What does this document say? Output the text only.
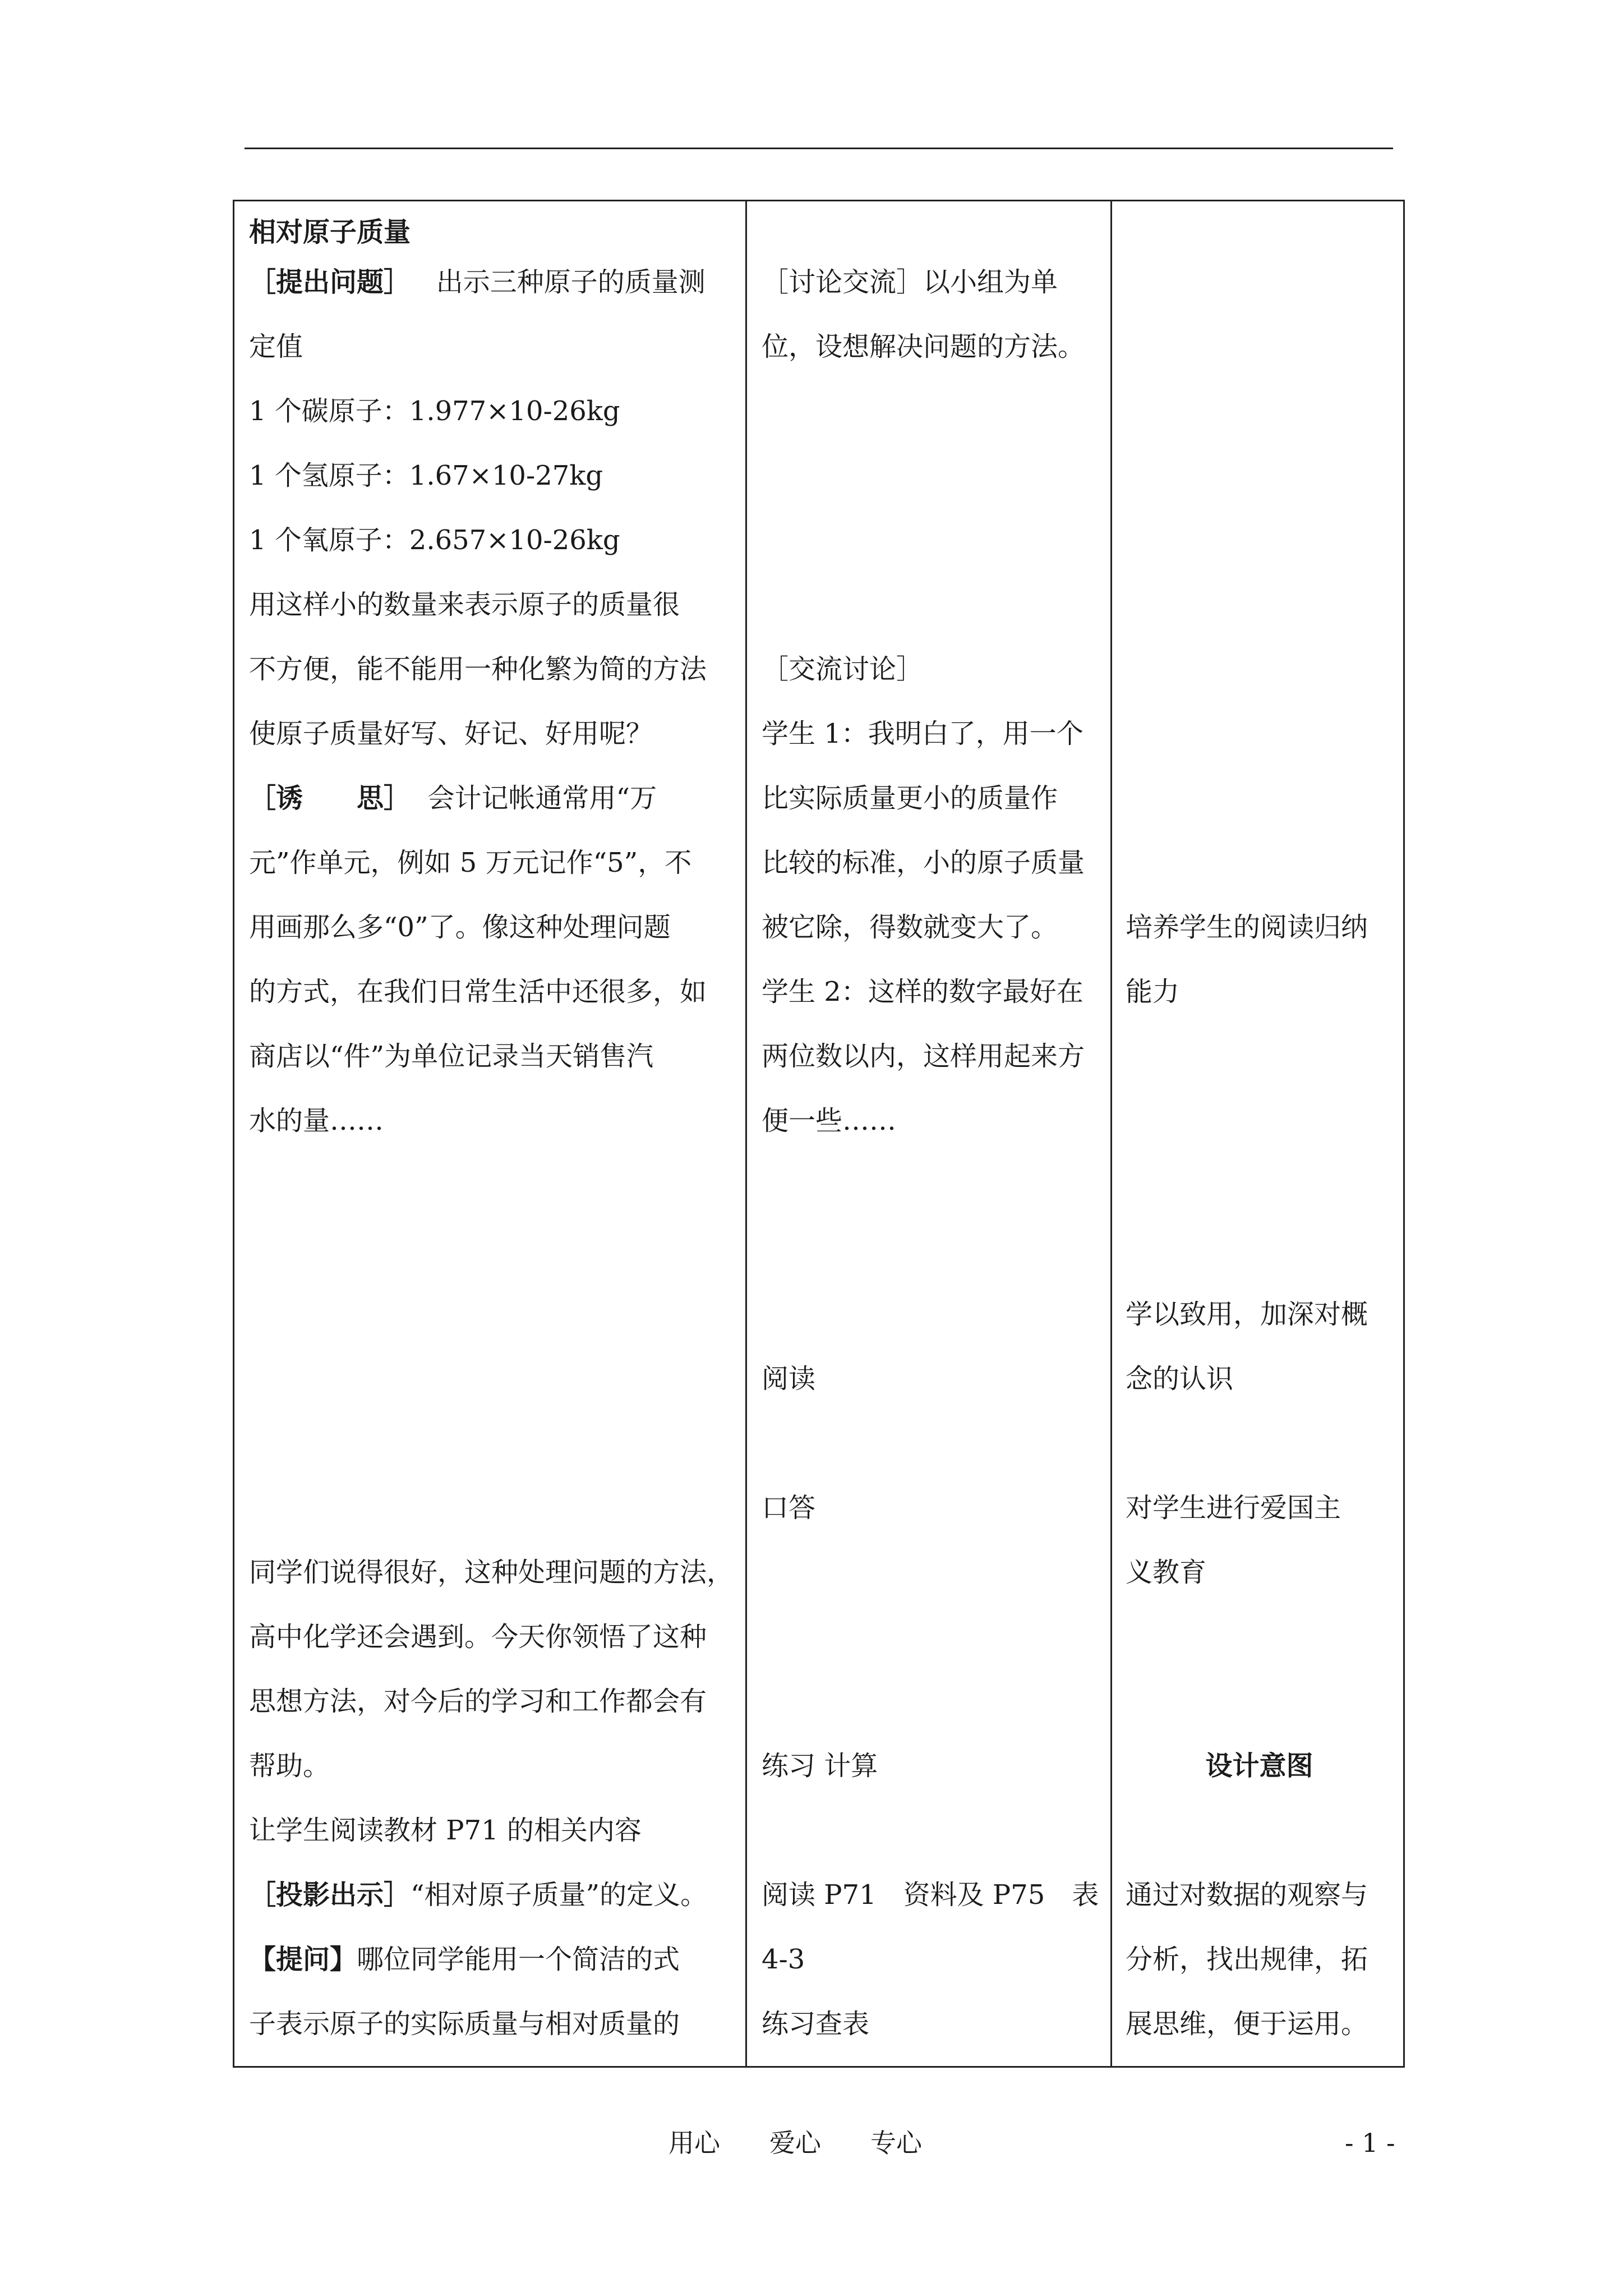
相对原子质量
［提出问题］ 出示三种原子的质量测
定值
1 个碳原子：1.977×10-26kg
1 个氢原子：1.67×10-27kg
1 个氧原子：2.657×10-26kg
用这样小的数量来表示原子的质量很
不方便，能不能用一种化繁为简的方法
使原子质量好写、好记、好用呢？
［诱　　思］ 会计记帐通常用“万
元”作单元，例如 5 万元记作“5”，不
用画那么多“0”了。像这种处理问题
的方式，在我们日常生活中还很多，如
商店以“件”为单位记录当天销售汽
水的量……
同学们说得很好，这种处理问题的方法，
高中化学还会遇到。今天你领悟了这种
思想方法，对今后的学习和工作都会有
帮助。
让学生阅读教材 P71 的相关内容
［投影出示］“相对原子质量”的定义。
【提问】哪位同学能用一个简洁的式
子表示原子的实际质量与相对质量的
［讨论交流］以小组为单
位，设想解决问题的方法。
［交流讨论］
学生 1：我明白了，用一个
比实际质量更小的质量作
比较的标准，小的原子质量
被它除，得数就变大了。
学生 2：这样的数字最好在
两位数以内，这样用起来方
便一些……
阅读
口答
练习 计算
阅读 P71　资料及 P75　表
4-3
练习查表
培养学生的阅读归纳
能力
学以致用，加深对概
念的认识
对学生进行爱国主
义教育
设计意图
通过对数据的观察与
分析，找出规律，拓
展思维，便于运用。
用心 爱心 专心	- 1 -
